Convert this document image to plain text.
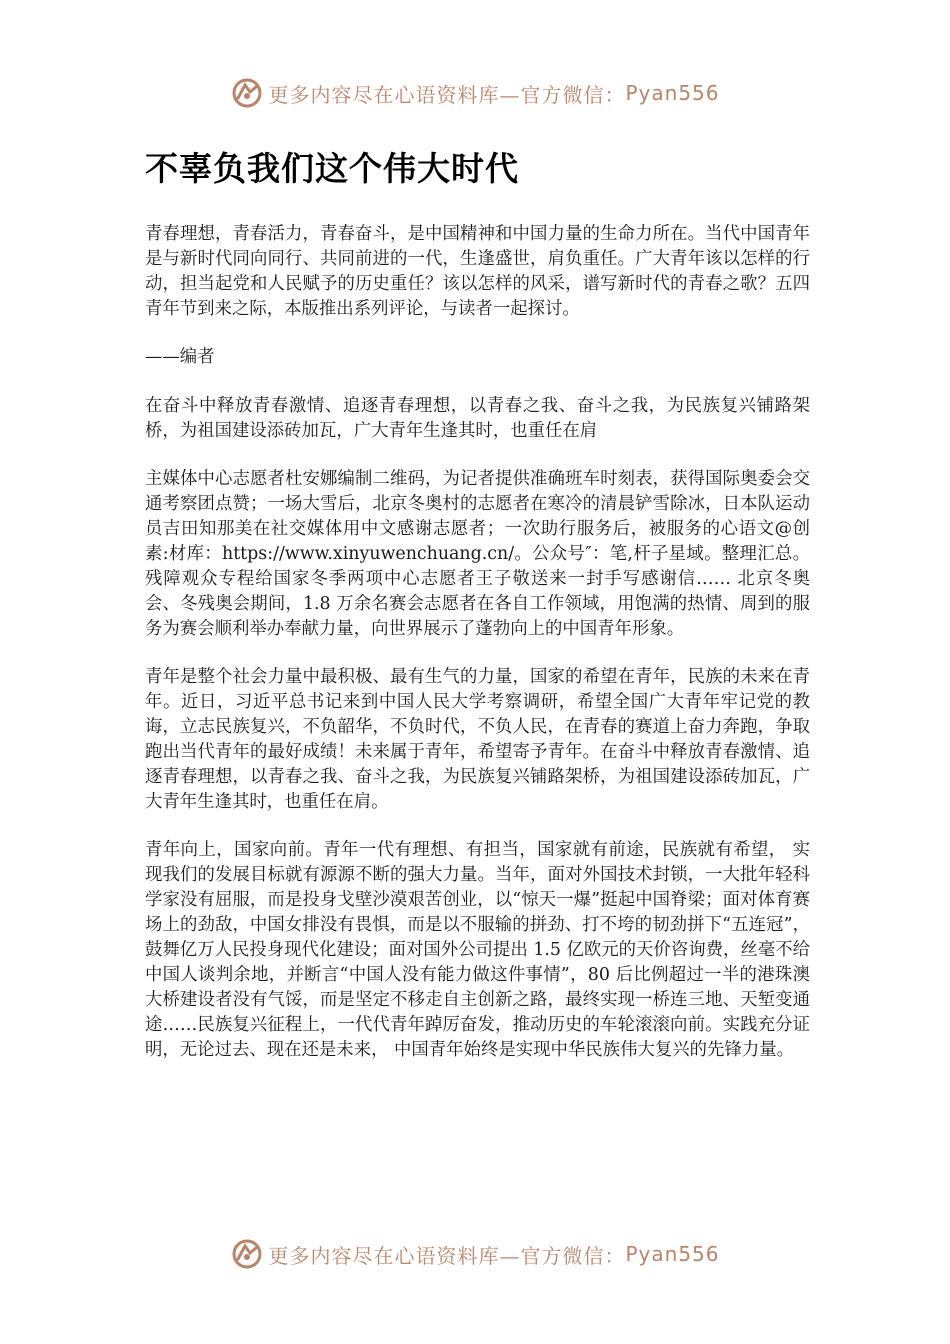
更多内容尽在心语资料库—官方微信： Pyan556
不辜负我们这个伟大时代

青春理想，青春活力，青春奋斗，是中国精神和中国力量的生命力所在。当代中国青年是与新时代同向同行、共同前进的一代，生逢盛世，肩负重任。广大青年该以怎样的行动，担当起党和人民赋予的历史重任？该以怎样的风采，谱写新时代的青春之歌？五四青年节到来之际，本版推出系列评论，与读者一起探讨。

——编者

在奋斗中释放青春激情、追逐青春理想，以青春之我、奋斗之我，为民族复兴铺路架桥，为祖国建设添砖加瓦，广大青年生逢其时，也重任在肩

主媒体中心志愿者杜安娜编制二维码，为记者提供准确班车时刻表，获得国际奥委会交通考察团点赞；一场大雪后，北京冬奥村的志愿者在寒冷的清晨铲雪除冰，日本队运动员吉田知那美在社交媒体用中文感谢志愿者；一次助行服务后，被服务的心语文@创素:材库：https://www.xinyuwenchuang.cn/。公众号″：笔,杆子星域。整理汇总。残障观众专程给国家冬季两项中心志愿者王子敬送来一封手写感谢信…… 北京冬奥会、冬残奥会期间，1.8 万余名赛会志愿者在各自工作领域，用饱满的热情、周到的服务为赛会顺利举办奉献力量，向世界展示了蓬勃向上的中国青年形象。

青年是整个社会力量中最积极、最有生气的力量，国家的希望在青年，民族的未来在青年。近日，习近平总书记来到中国人民大学考察调研，希望全国广大青年牢记党的教诲，立志民族复兴，不负韶华，不负时代，不负人民，在青春的赛道上奋力奔跑，争取跑出当代青年的最好成绩！未来属于青年，希望寄予青年。在奋斗中释放青春激情、追逐青春理想，以青春之我、奋斗之我，为民族复兴铺路架桥，为祖国建设添砖加瓦，广大青年生逢其时，也重任在肩。

青年向上，国家向前。青年一代有理想、有担当，国家就有前途，民族就有希望， 实现我们的发展目标就有源源不断的强大力量。当年，面对外国技术封锁，一大批年轻科学家没有屈服，而是投身戈壁沙漠艰苦创业，以“惊天一爆”挺起中国脊梁；面对体育赛场上的劲敌，中国女排没有畏惧，而是以不服输的拼劲、打不垮的韧劲拼下“五连冠”，鼓舞亿万人民投身现代化建设；面对国外公司提出 1.5 亿欧元的天价咨询费，丝毫不给中国人谈判余地，并断言“中国人没有能力做这件事情”，80 后比例超过一半的港珠澳大桥建设者没有气馁，而是坚定不移走自主创新之路，最终实现一桥连三地、天堑变通途……民族复兴征程上，一代代青年踔厉奋发，推动历史的车轮滚滚向前。实践充分证明，无论过去、现在还是未来， 中国青年始终是实现中华民族伟大复兴的先锋力量。

更多内容尽在心语资料库—官方微信： Pyan556
